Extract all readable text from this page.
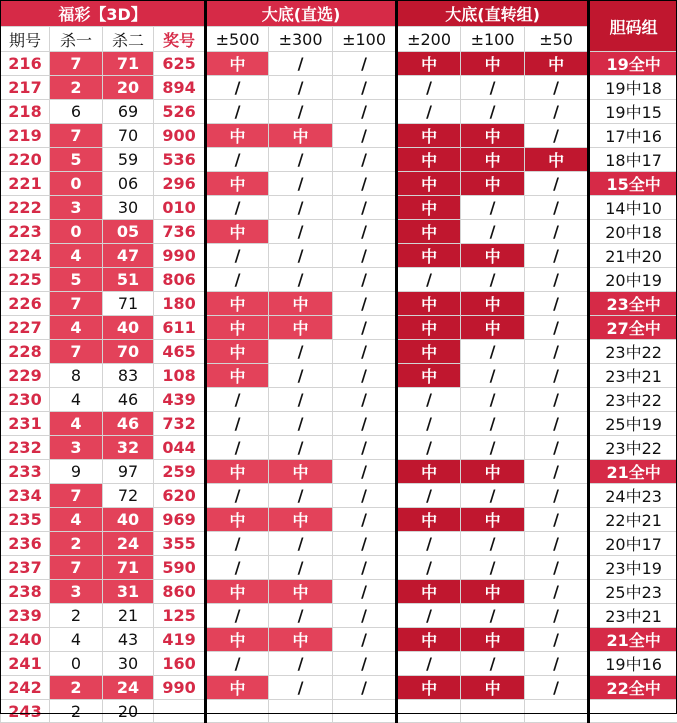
福彩【3D】				大底(直选)			大底(直转组)			胆码组
期号	杀一	杀二	奖号	±500	±300	±100	±200	±100	±50	
216	7	71	625	中	/	/	中	中	中	19全中
217	2	20	894	/	/	/	/	/	/	19中18
218	6	69	526	/	/	/	/	/	/	19中15
219	7	70	900	中	中	/	中	中	/	17中16
220	5	59	536	/	/	/	中	中	中	18中17
221	0	06	296	中	/	/	中	中	/	15全中
222	3	30	010	/	/	/	中	/	/	14中10
223	0	05	736	中	/	/	中	/	/	20中18
224	4	47	990	/	/	/	中	中	/	21中20
225	5	51	806	/	/	/	/	/	/	20中19
226	7	71	180	中	中	/	中	中	/	23全中
227	4	40	611	中	中	/	中	中	/	27全中
228	7	70	465	中	/	/	中	/	/	23中22
229	8	83	108	中	/	/	中	/	/	23中21
230	4	46	439	/	/	/	/	/	/	23中22
231	4	46	732	/	/	/	/	/	/	25中19
232	3	32	044	/	/	/	/	/	/	23中22
233	9	97	259	中	中	/	中	中	/	21全中
234	7	72	620	/	/	/	/	/	/	24中23
235	4	40	969	中	中	/	中	中	/	22中21
236	2	24	355	/	/	/	/	/	/	20中17
237	7	71	590	/	/	/	/	/	/	23中19
238	3	31	860	中	中	/	中	中	/	25中23
239	2	21	125	/	/	/	/	/	/	23中21
240	4	43	419	中	中	/	中	中	/	21全中
241	0	30	160	/	/	/	/	/	/	19中16
242	2	24	990	中	/	/	中	中	/	22全中
243	2	20								
